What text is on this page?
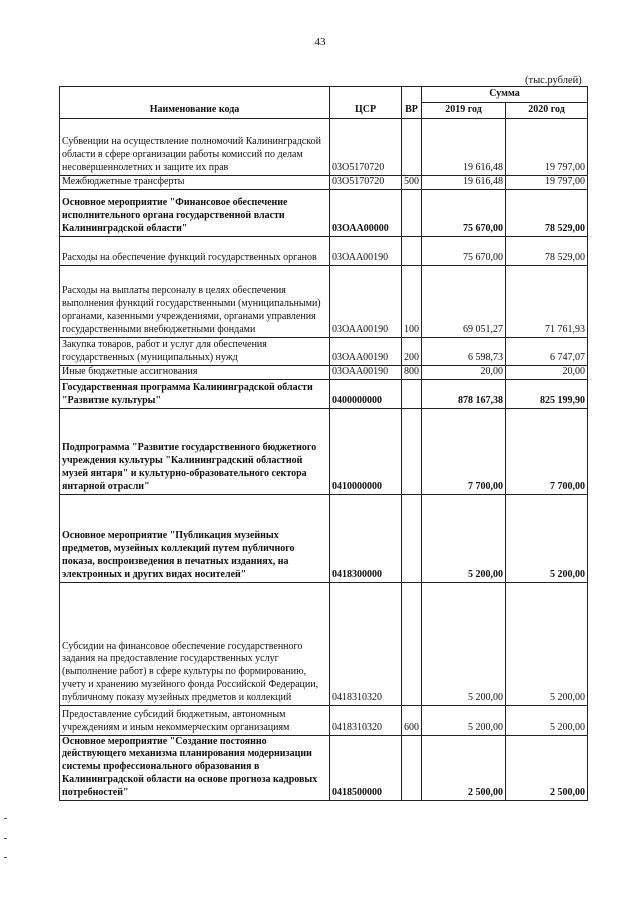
43
(тыс.рублей)
Наименование кода	ЦСР	ВР	Сумма	
			2019 год	2020 год
Субвенции на осуществление полномочий Калининградской области в сфере организации работы комиссий по делам несовершеннолетних и защите их прав	03О5170720		19 616,48	19 797,00
Межбюджетные трансферты	03О5170720	500	19 616,48	19 797,00
Основное мероприятие "Финансовое обеспечение исполнительного органа государственной власти Калининградской области"	03ОАА00000		75 670,00	78 529,00
Расходы на обеспечение функций государственных органов	03ОАА00190		75 670,00	78 529,00
Расходы на выплаты персоналу в целях обеспечения выполнения функций государственными (муниципальными) органами, казенными учреждениями, органами управления государственными внебюджетными фондами	03ОАА00190	100	69 051,27	71 761,93
Закупка товаров, работ и услуг для обеспечения государственных (муниципальных) нужд	03ОАА00190	200	6 598,73	6 747,07
Иные бюджетные ассигнования	03ОАА00190	800	20,00	20,00
Государственная программа Калининградской области "Развитие культуры"	0400000000		878 167,38	825 199,90
Подпрограмма "Развитие государственного бюджетного учреждения культуры "Калининградский областной музей янтаря" и культурно-образовательного сектора янтарной отрасли"	0410000000		7 700,00	7 700,00
Основное мероприятие "Публикация музейных предметов, музейных коллекций путем публичного показа, воспроизведения в печатных изданиях, на электронных и других видах носителей"	0418300000		5 200,00	5 200,00
Субсидии на финансовое обеспечение государственного задания на предоставление государственных услуг (выполнение работ) в сфере культуры по формированию, учету и хранению музейного фонда Российской Федерации, публичному показу музейных предметов и коллекций	0418310320		5 200,00	5 200,00
Предоставление субсидий бюджетным, автономным учреждениям и иным некоммерческим организациям	0418310320	600	5 200,00	5 200,00
Основное мероприятие "Создание постоянно действующего механизма планирования модернизации системы профессионального образования в Калининградской области на основе прогноза кадровых потребностей"	0418500000		2 500,00	2 500,00
